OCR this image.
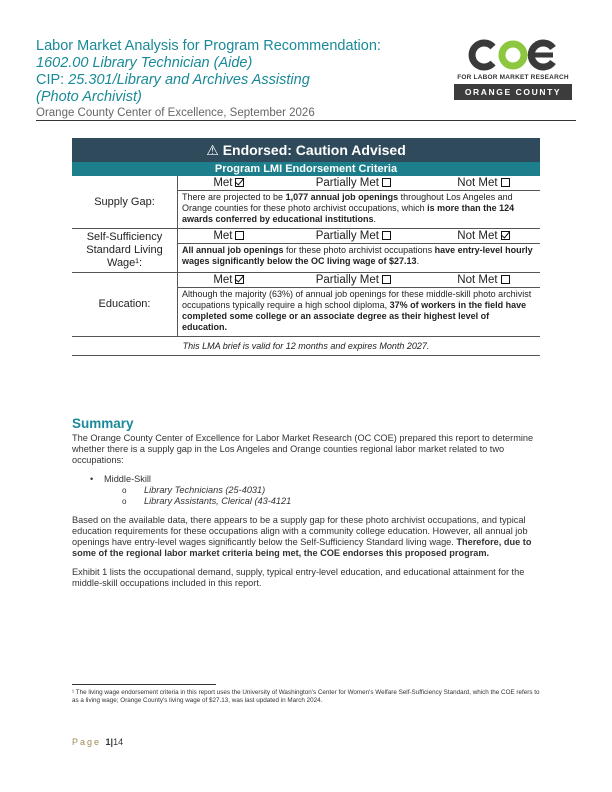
Labor Market Analysis for Program Recommendation:
1602.00 Library Technician (Aide)
CIP: 25.301/Library and Archives Assisting
(Photo Archivist)
Orange County Center of Excellence, September 2026
FOR LABOR MARKET RESEARCH
ORANGE COUNTY
⚠ Endorsed: Caution Advised
Program LMI Endorsement Criteria
Supply Gap:
Met	Partially Met	Not Met
There are projected to be 1,077 annual job openings throughout Los Angeles and Orange counties for these photo archivist occupations, which is more than the 124 awards conferred by educational institutions.
Self-Sufficiency Standard Living Wage¹:
Met	Partially Met	Not Met
All annual job openings for these photo archivist occupations have entry-level hourly wages significantly below the OC living wage of $27.13.
Education:
Met	Partially Met	Not Met
Although the majority (63%) of annual job openings for these middle-skill photo archivist occupations typically require a high school diploma, 37% of workers in the field have completed some college or an associate degree as their highest level of education.
This LMA brief is valid for 12 months and expires Month 2027.
Summary

The Orange County Center of Excellence for Labor Market Research (OC COE) prepared this report to determine whether there is a supply gap in the Los Angeles and Orange counties regional labor market related to two occupations:

•	Middle-Skill
o	Library Technicians (25-4031)
o	Library Assistants, Clerical (43-4121

Based on the available data, there appears to be a supply gap for these photo archivist occupations, and typical education requirements for these occupations align with a community college education. However, all annual job openings have entry-level wages significantly below the Self-Sufficiency Standard living wage. Therefore, due to some of the regional labor market criteria being met, the COE endorses this proposed program.

Exhibit 1 lists the occupational demand, supply, typical entry-level education, and educational attainment for the middle-skill occupations included in this report.

¹ The living wage endorsement criteria in this report uses the University of Washington's Center for Women's Welfare Self-Sufficiency Standard, which the COE refers to as a living wage; Orange County's living wage of $27.13, was last updated in March 2024.
Page 1|14
